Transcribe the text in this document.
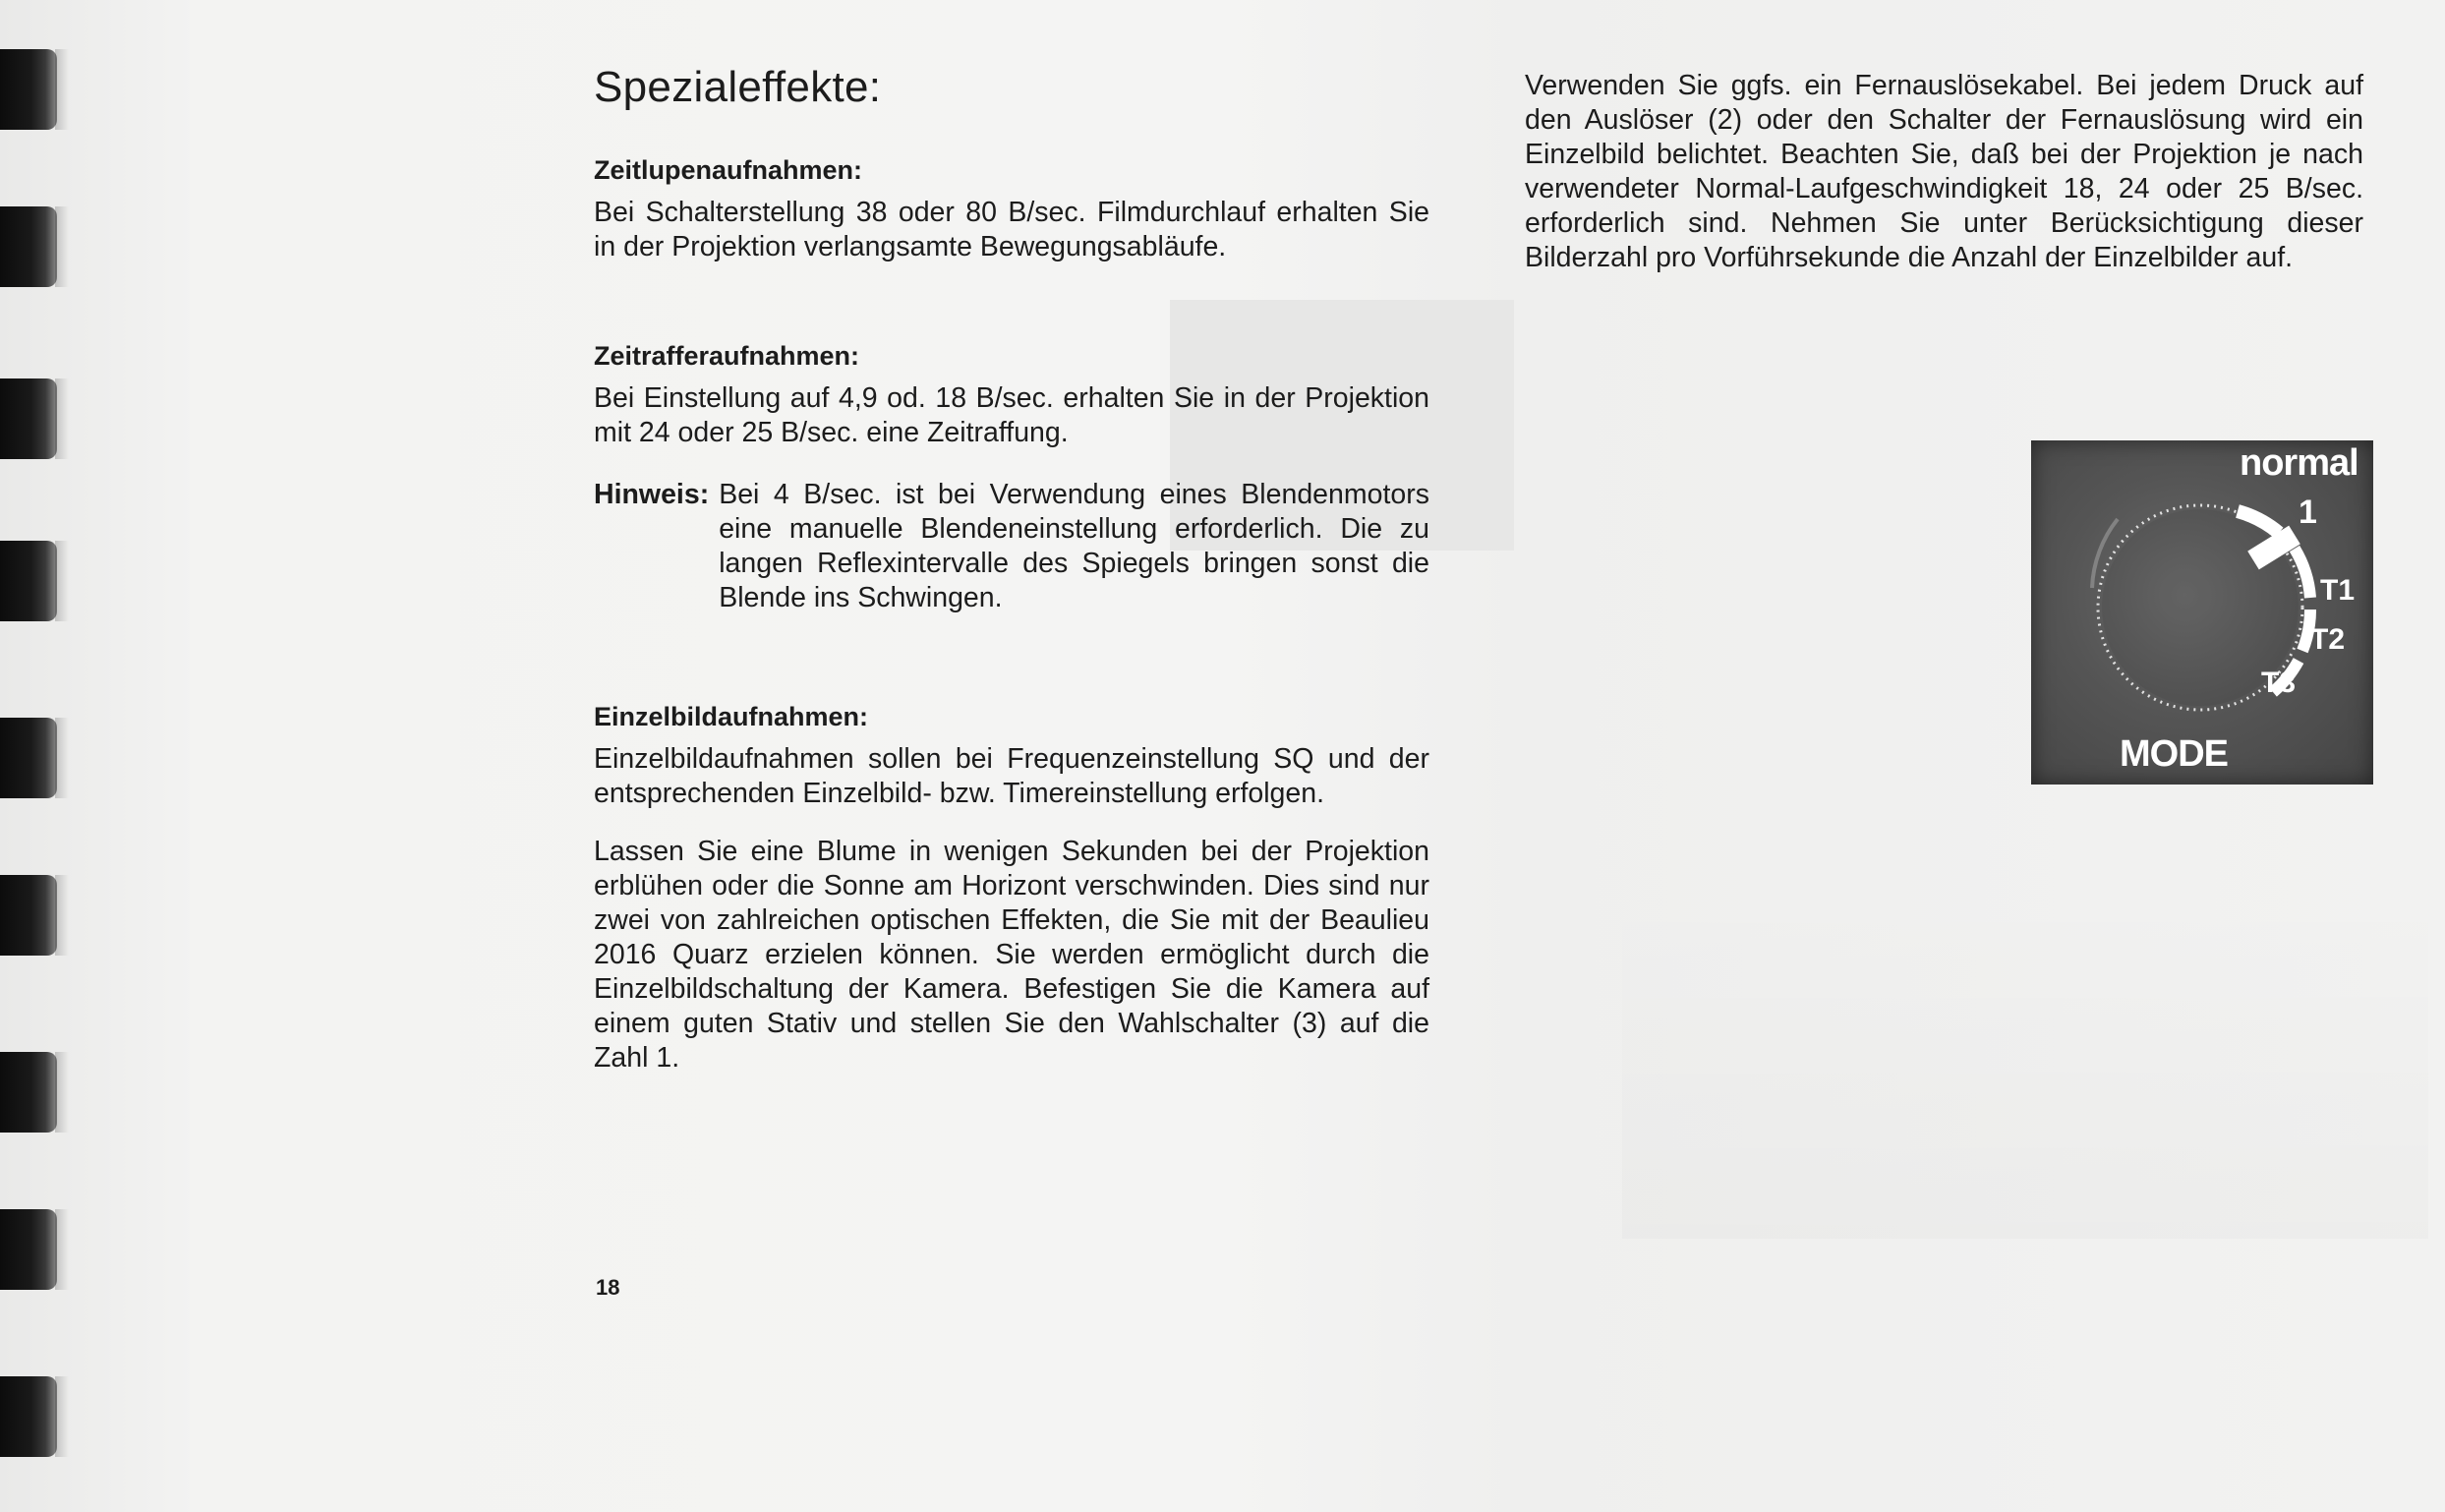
Spezialeffekte:
Zeitlupenaufnahmen:

Bei Schalterstellung 38 oder 80 B/sec. Filmdurchlauf erhalten Sie in der Projektion verlangsamte Bewegungsabläufe.

Zeitrafferaufnahmen:

Bei Einstellung auf 4,9 od. 18 B/sec. erhalten Sie in der Projektion mit 24 oder 25 B/sec. eine Zeitraffung.

Hinweis: Bei 4 B/sec. ist bei Verwendung eines Blendenmotors eine manuelle Blendeneinstellung erforderlich. Die zu langen Reflexintervalle des Spiegels bringen sonst die Blende ins Schwingen.
Einzelbildaufnahmen:

Einzelbildaufnahmen sollen bei Frequenzeinstellung SQ und der entsprechenden Einzelbild- bzw. Timereinstellung erfolgen.

Lassen Sie eine Blume in wenigen Sekunden bei der Projektion erblühen oder die Sonne am Horizont verschwinden. Dies sind nur zwei von zahlreichen optischen Effekten, die Sie mit der Beaulieu 2016 Quarz erzielen können. Sie werden ermöglicht durch die Einzelbildschaltung der Kamera. Befestigen Sie die Kamera auf einem guten Stativ und stellen Sie den Wahlschalter (3) auf die Zahl 1.

18

Verwenden Sie ggfs. ein Fernauslösekabel. Bei jedem Druck auf den Auslöser (2) oder den Schalter der Fernauslösung wird ein Einzelbild belichtet. Beachten Sie, daß bei der Projektion je nach verwendeter Normal-Laufgeschwindigkeit 18, 24 oder 25 B/sec. erforderlich sind. Nehmen Sie unter Berücksichtigung dieser Bilderzahl pro Vorführsekunde die Anzahl der Einzelbilder auf.

normal
1
T1
T2
T3
MODE
